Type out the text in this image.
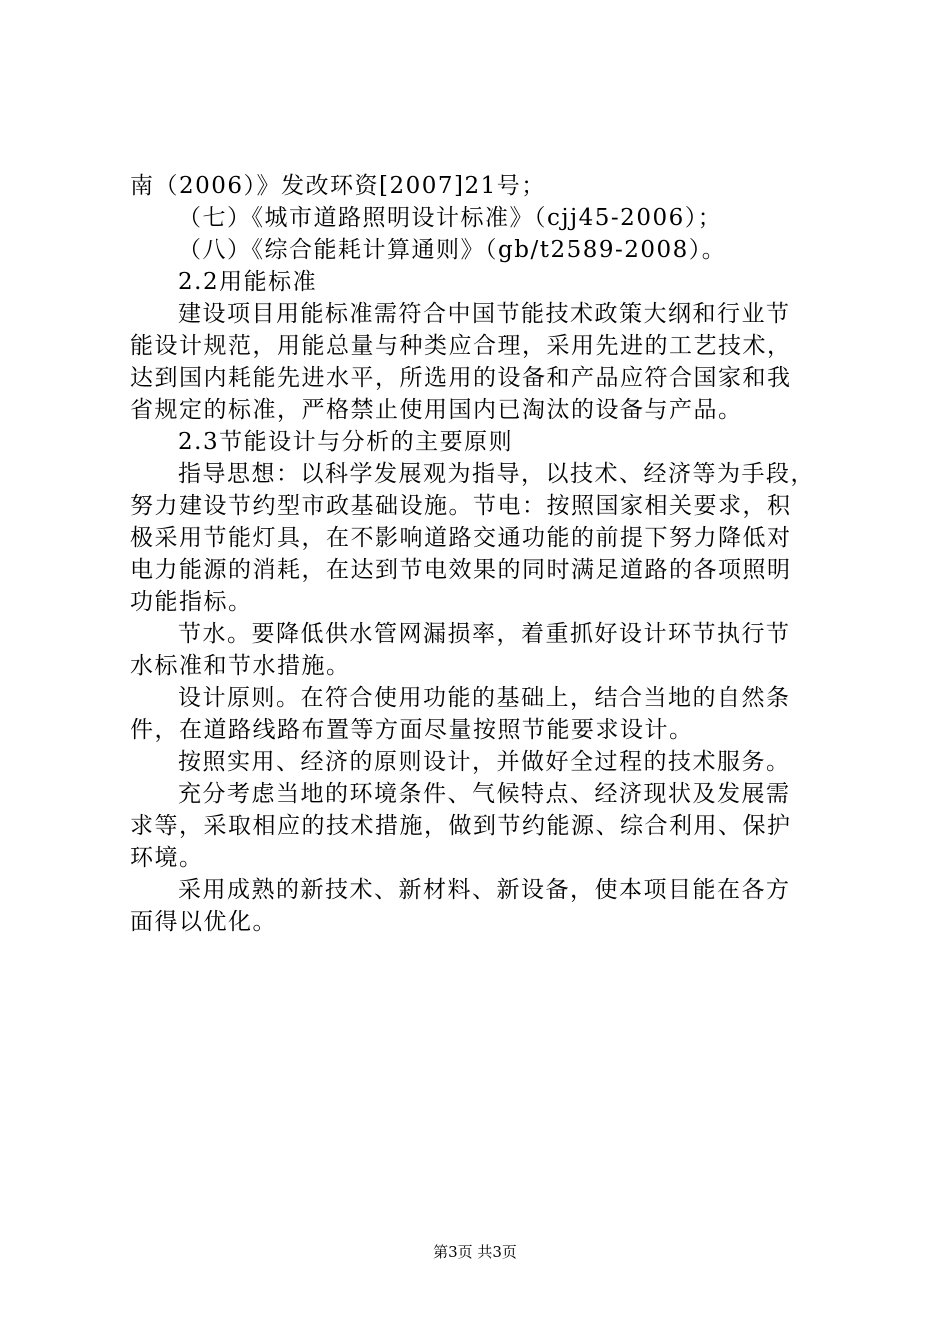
南（2006）》发改环资[2007]21号；
（七）《城市道路照明设计标准》（cjj45-2006）；
（八）《综合能耗计算通则》（gb/t2589-2008）。
2.2用能标准
建设项目用能标准需符合中国节能技术政策大纲和行业节
能设计规范，用能总量与种类应合理，采用先进的工艺技术，
达到国内耗能先进水平，所选用的设备和产品应符合国家和我
省规定的标准，严格禁止使用国内已淘汰的设备与产品。
2.3节能设计与分析的主要原则
指导思想：以科学发展观为指导，以技术、经济等为手段，
努力建设节约型市政基础设施。节电：按照国家相关要求，积
极采用节能灯具，在不影响道路交通功能的前提下努力降低对
电力能源的消耗，在达到节电效果的同时满足道路的各项照明
功能指标。
节水。要降低供水管网漏损率，着重抓好设计环节执行节
水标准和节水措施。
设计原则。在符合使用功能的基础上，结合当地的自然条
件，在道路线路布置等方面尽量按照节能要求设计。
按照实用、经济的原则设计，并做好全过程的技术服务。
充分考虑当地的环境条件、气候特点、经济现状及发展需
求等，采取相应的技术措施，做到节约能源、综合利用、保护
环境。
采用成熟的新技术、新材料、新设备，使本项目能在各方
面得以优化。
第3页 共3页
